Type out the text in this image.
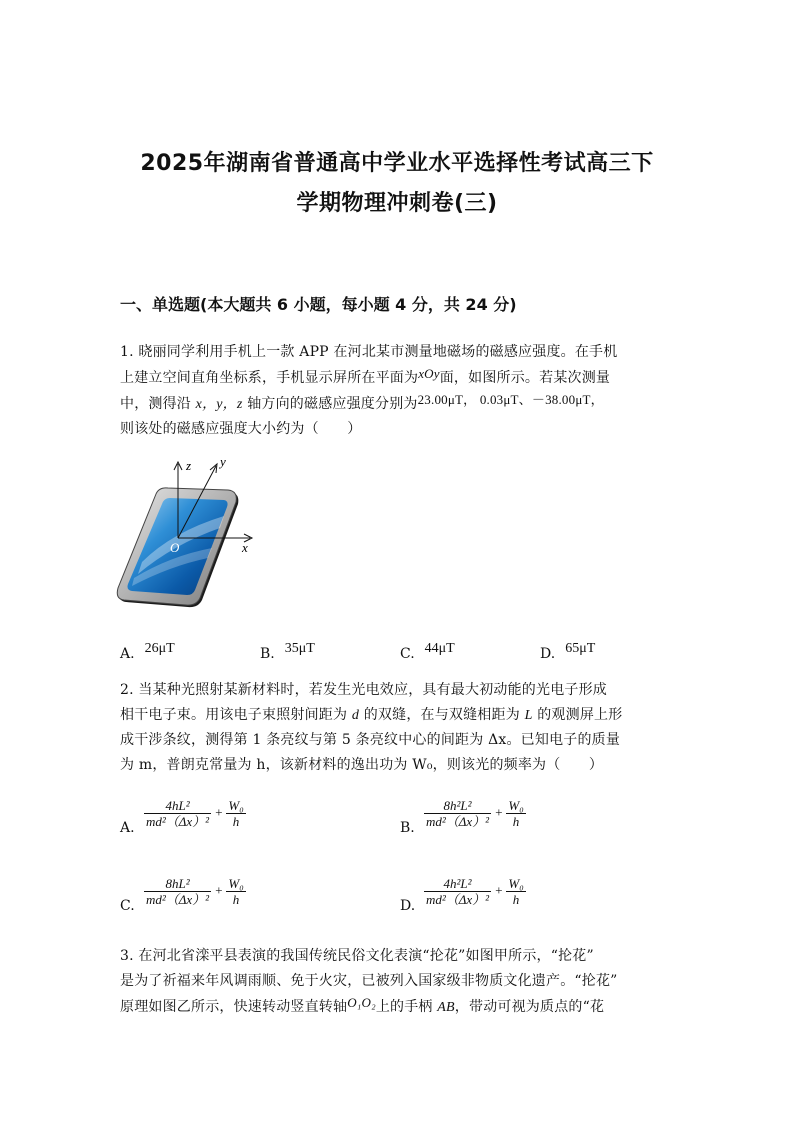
2025年湖南省普通高中学业水平选择性考试高三下
学期物理冲刺卷(三)
一、单选题(本大题共 6 小题，每小题 4 分，共 24 分)
1. 晓丽同学利用手机上一款 APP 在河北某市测量地磁场的磁感应强度。在手机
上建立空间直角坐标系，手机显示屏所在平面为xOy面，如图所示。若某次测量
中，测得沿 x，y，z 轴方向的磁感应强度分别为23.00μT， 0.03μT、－38.00μT，
则该处的磁感应强度大小约为（　　）
z y
x
O
A. 26μT	B. 35μT	C. 44μT	D. 65μT
2. 当某种光照射某新材料时，若发生光电效应，具有最大初动能的光电子形成
相干电子束。用该电子束照射间距为 d 的双缝，在与双缝相距为 L 的观测屏上形
成干涉条纹，测得第 1 条亮纹与第 5 条亮纹中心的间距为 Δx。已知电子的质量
为 m，普朗克常量为 h，该新材料的逸出功为 W₀，则该光的频率为（　　）
A. $\frac{\text{4hL²}}{\text{md²（Δx）²}} + \frac{\text{W₀}}{h}$	B. $\frac{\text{8h²L²}}{\text{md²（Δx）²}} + \frac{\text{W₀}}{h}$
C. $\frac{\text{8hL²}}{\text{md²（Δx）²}} + \frac{\text{W₀}}{h}$	D. $\frac{\text{4h²L²}}{\text{md²（Δx）²}} + \frac{\text{W₀}}{h}$
3. 在河北省滦平县表演的我国传统民俗文化表演“抡花”如图甲所示，“抡花”
是为了祈福来年风调雨顺、免于火灾，已被列入国家级非物质文化遗产。“抡花”
原理如图乙所示，快速转动竖直转轴O₁O₂上的手柄 AB，带动可视为质点的“花
